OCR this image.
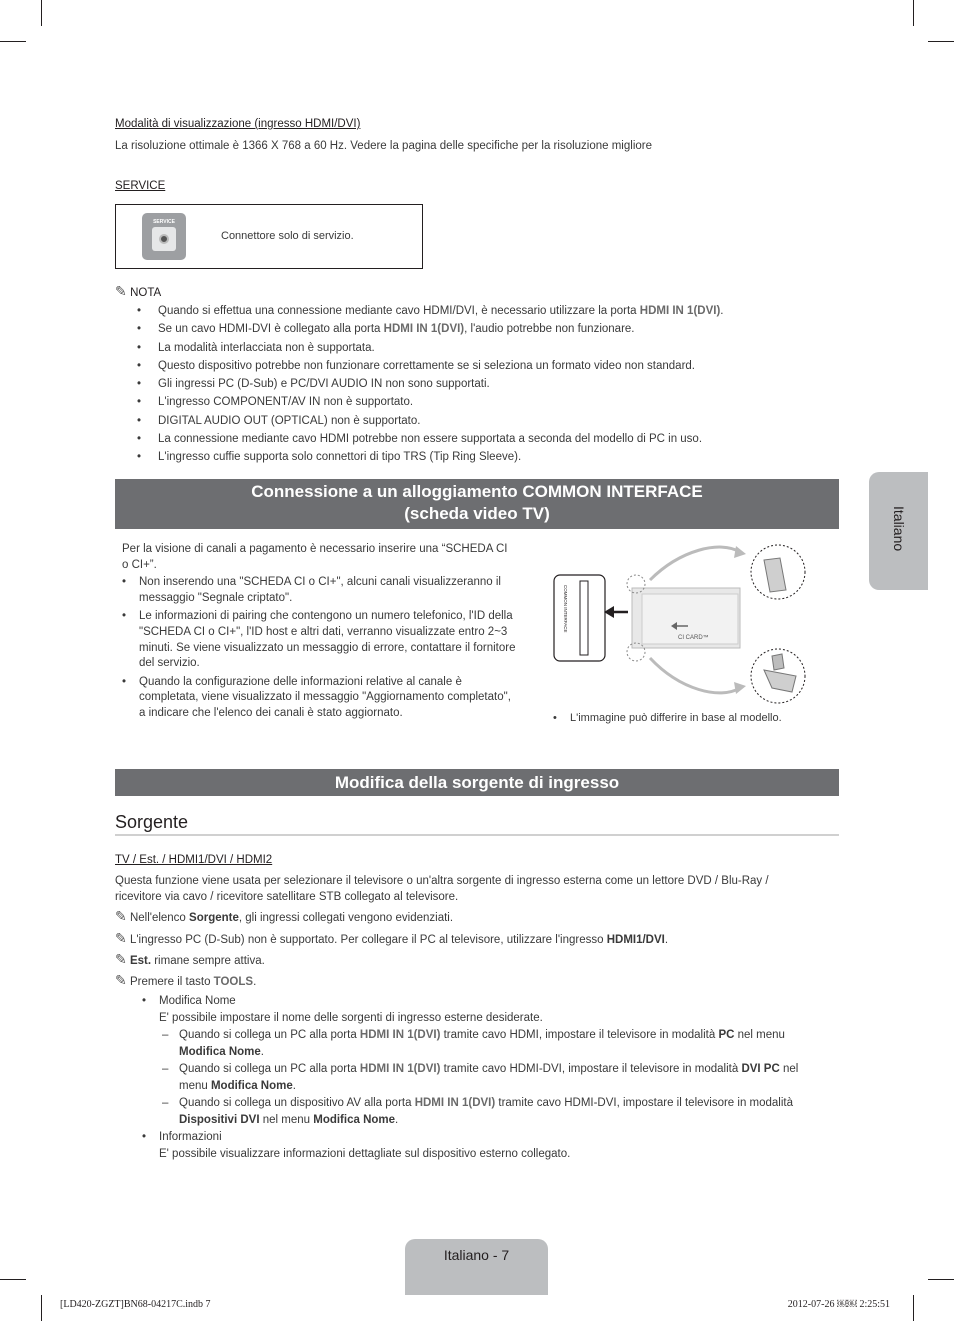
Modalità di visualizzazione (ingresso HDMI/DVI)
La risoluzione ottimale è 1366 X 768 a 60 Hz. Vedere la pagina delle specifiche per la risoluzione migliore
SERVICE
SERVICE
Connettore solo di servizio.
✎ NOTA
• Quando si effettua una connessione mediante cavo HDMI/DVI, è necessario utilizzare la porta HDMI IN 1(DVI).
• Se un cavo HDMI-DVI è collegato alla porta HDMI IN 1(DVI), l'audio potrebbe non funzionare.
• La modalità interlacciata non è supportata.
• Questo dispositivo potrebbe non funzionare correttamente se si seleziona un formato video non standard.
• Gli ingressi PC (D-Sub) e PC/DVI AUDIO IN non sono supportati.
• L'ingresso COMPONENT/AV IN non è supportato.
• DIGITAL AUDIO OUT (OPTICAL) non è supportato.
• La connessione mediante cavo HDMI potrebbe non essere supportata a seconda del modello di PC in uso.
• L'ingresso cuffie supporta solo connettori di tipo TRS (Tip Ring Sleeve).
Connessione a un alloggiamento COMMON INTERFACE
(scheda video TV)
Per la visione di canali a pagamento è necessario inserire una “SCHEDA CI o CI+”.
• Non inserendo una "SCHEDA CI o CI+", alcuni canali visualizzeranno il messaggio "Segnale criptato".
• Le informazioni di pairing che contengono un numero telefonico, l'ID della "SCHEDA CI o CI+", l'ID host e altri dati, verranno visualizzate entro 2~3 minuti. Se viene visualizzato un messaggio di errore, contattare il fornitore del servizio.
• Quando la configurazione delle informazioni relative al canale è completata, viene visualizzato il messaggio "Aggiornamento completato", a indicare che l'elenco dei canali è stato aggiornato.
COMMON INTERFACE
CI CARD™
• L'immagine può differire in base al modello.
Modifica della sorgente di ingresso
Sorgente
TV / Est. / HDMI1/DVI / HDMI2
Questa funzione viene usata per selezionare il televisore o un'altra sorgente di ingresso esterna come un lettore DVD / Blu-Ray /
ricevitore via cavo / ricevitore satellitare STB collegato al televisore.
✎ Nell'elenco Sorgente, gli ingressi collegati vengono evidenziati.
✎ L'ingresso PC (D-Sub) non è supportato. Per collegare il PC al televisore, utilizzare l'ingresso HDMI1/DVI.
✎ Est. rimane sempre attiva.
✎ Premere il tasto TOOLS.
• Modifica Nome
E' possibile impostare il nome delle sorgenti di ingresso esterne desiderate.
– Quando si collega un PC alla porta HDMI IN 1(DVI) tramite cavo HDMI, impostare il televisore in modalità PC nel menu
Modifica Nome.
– Quando si collega un PC alla porta HDMI IN 1(DVI) tramite cavo HDMI-DVI, impostare il televisore in modalità DVI PC nel
menu Modifica Nome.
– Quando si collega un dispositivo AV alla porta HDMI IN 1(DVI) tramite cavo HDMI-DVI, impostare il televisore in modalità
Dispositivi DVI nel menu Modifica Nome.
• Informazioni
E' possibile visualizzare informazioni dettagliate sul dispositivo esterno collegato.
Italiano
Italiano - 7
[LD420-ZGZT]BN68-04217C.indb 7	2012-07-26 ￼￼ 2:25:51
